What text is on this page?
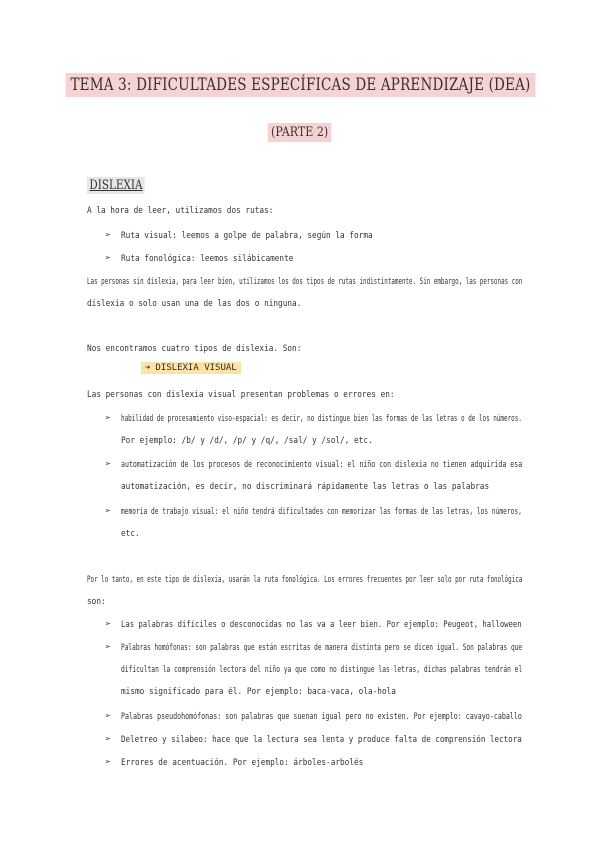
TEMA 3: DIFICULTADES ESPECÍFICAS DE APRENDIZAJE (DEA)
(PARTE 2)
DISLEXIA
A la hora de leer, utilizamos dos rutas:
➢ Ruta visual: leemos a golpe de palabra, según la forma
➢ Ruta fonológica: leemos silábicamente
Las personas sin dislexia, para leer bien, utilizamos los dos tipos de rutas indistintamente. Sin embargo, las personas con
dislexia o solo usan una de las dos o ninguna.
Nos encontramos cuatro tipos de dislexia. Son:
➔ DISLEXIA VISUAL
Las personas con dislexia visual presentan problemas o errores en:
➢ habilidad de procesamiento viso-espacial: es decir, no distingue bien las formas de las letras o de los números.
Por ejemplo: /b/ y /d/, /p/ y /q/, /sal/ y /sol/, etc.
➢ automatización de los procesos de reconocimiento visual: el niño con dislexia no tienen adquirida esa
automatización, es decir, no discriminará rápidamente las letras o las palabras
➢ memoria de trabajo visual: el niño tendrá dificultades con memorizar las formas de las letras, los números,
etc.
Por lo tanto, en este tipo de dislexia, usarán la ruta fonológica. Los errores frecuentes por leer solo por ruta fonológica
son:
➢ Las palabras difíciles o desconocidas no las va a leer bien. Por ejemplo: Peugeot, halloween
➢ Palabras homófonas: son palabras que están escritas de manera distinta pero se dicen igual. Son palabras que
dificultan la comprensión lectora del niño ya que como no distingue las letras, dichas palabras tendrán el
mismo significado para él. Por ejemplo: baca-vaca, ola-hola
➢ Palabras pseudohomófonas: son palabras que suenan igual pero no existen. Por ejemplo: cavayo-caballo
➢ Deletreo y silabeo: hace que la lectura sea lenta y produce falta de comprensión lectora
➢ Errores de acentuación. Por ejemplo: árboles-arbolés
